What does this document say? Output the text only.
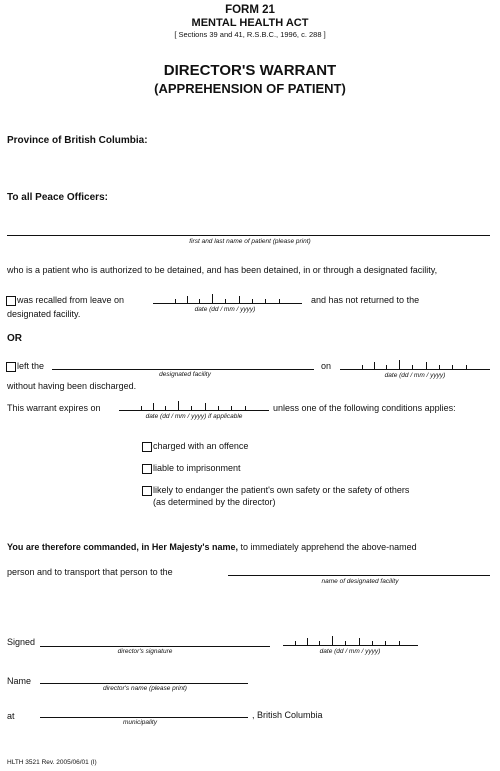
FORM 21
MENTAL HEALTH ACT
[ Sections 39 and 41, R.S.B.C., 1996, c. 288 ]
DIRECTOR'S WARRANT
(APPREHENSION OF PATIENT)
Province of British Columbia:
To all Peace Officers:
first and last name of patient (please print)
who is a patient who is authorized to be detained, and has been detained, in or through a designated facility,
was recalled from leave on
date (dd / mm / yyyy)
and has not returned to the
designated facility.
OR
left the
designated facility
on
date (dd / mm / yyyy)
without having been discharged.
This warrant expires on
date (dd / mm / yyyy) if applicable
unless one of the following conditions applies:
charged with an offence
liable to imprisonment
likely to endanger the patient's own safety or the safety of others
(as determined by the director)
You are therefore commanded, in Her Majesty's name, to immediately apprehend the above-named
person and to transport that person to the
name of designated facility
Signed
director's signature	date (dd / mm / yyyy)
Name
director's name (please print)
at
municipality
, British Columbia
HLTH 3521 Rev. 2005/06/01 (I)
